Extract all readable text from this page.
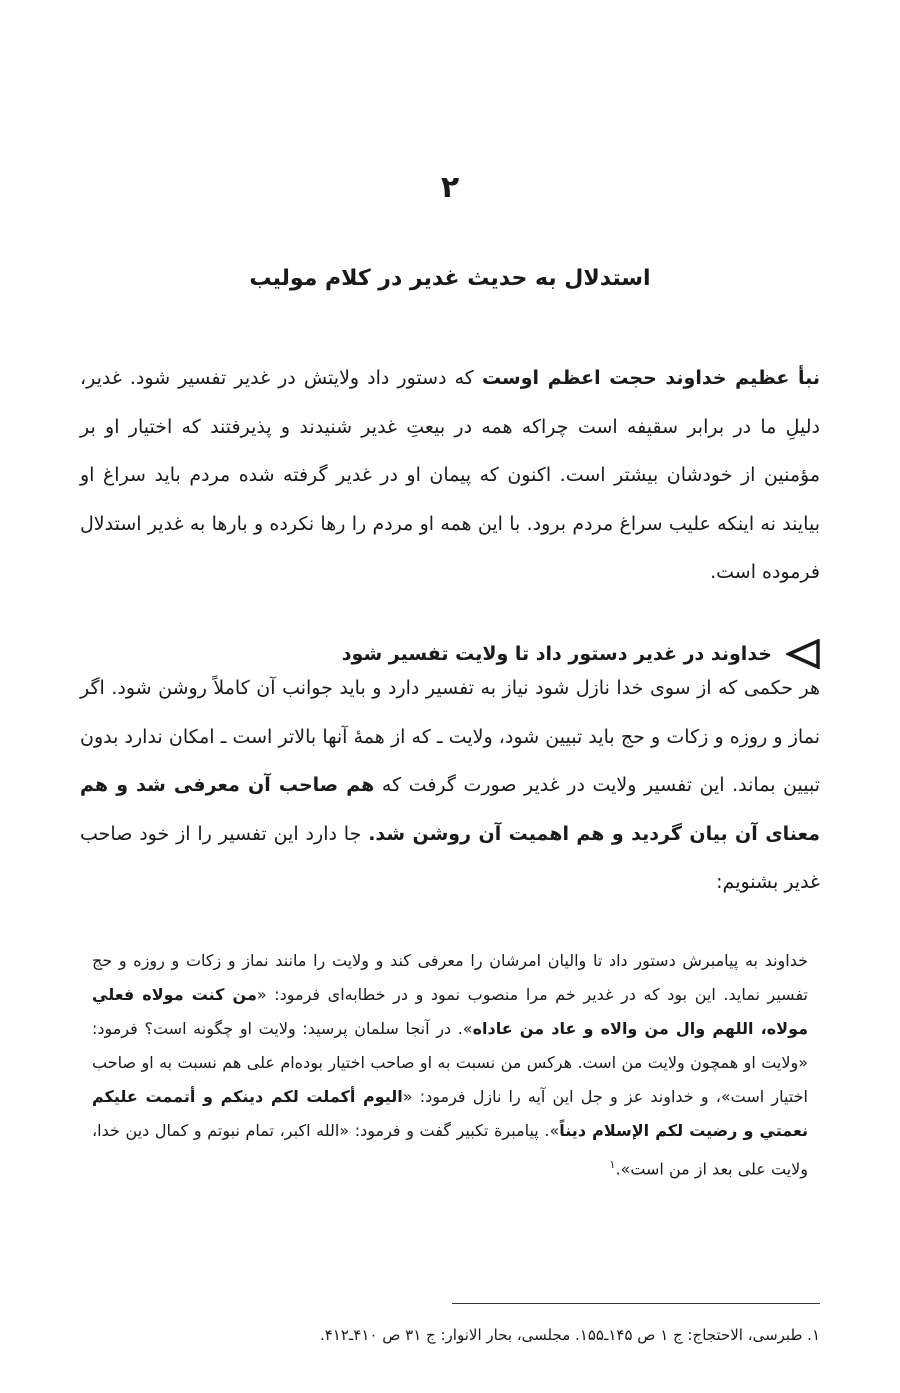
۲
استدلال به حدیث غدیر در کلام مولیب

نبأ عظیم خداوند حجت اعظم اوست که دستور داد ولایتش در غدیر تفسیر شود. غدیر، دلیلِ ما در برابر سقیفه است چراکه همه در بیعتِ غدیر شنیدند و پذیرفتند که اختیار او بر مؤمنین از خودشان بیشتر است. اکنون که پیمان او در غدیر گرفته شده مردم باید سراغ او بیایند نه اینکه علیب سراغ مردم برود. با این همه او مردم را رها نکرده و بارها به غدیر استدلال فرموده است.

خداوند در غدیر دستور داد تا ولایت تفسیر شود

هر حکمی که از سوی خدا نازل شود نیاز به تفسیر دارد و باید جوانب آن کاملاً روشن شود. اگر نماز و روزه و زکات و حج باید تبیین شود، ولایت ـ که از همهٔ آنها بالاتر است ـ امکان ندارد بدون تبیین بماند. این تفسیر ولایت در غدیر صورت گرفت که هم صاحب آن معرفی شد و هم معنای آن بیان گردید و هم اهمیت آن روشن شد. جا دارد این تفسیر را از خود صاحب غدیر بشنویم:

خداوند به پیامبرش دستور داد تا والیان امرشان را معرفی کند و ولایت را مانند نماز و زکات و روزه و حج تفسیر نماید. این بود که در غدیر خم مرا منصوب نمود و در خطابه‌ای فرمود: «من كنت مولاه فعلي مولاه، اللهم وال من والاه و عاد من عاداه». در آنجا سلمان پرسید: ولایت او چگونه است؟ فرمود: «ولایت او همچون ولایت من است. هرکس من نسبت به او صاحب اختیار بوده‌ام علی هم نسبت به او صاحب اختیار است»، و خداوند عز و جل این آیه را نازل فرمود: «اليوم أكملت لكم دينكم و أتممت عليكم نعمتي و رضيت لكم الإسلام ديناً». پیامبرة تکبیر گفت و فرمود: «الله اکبر، تمام نبوتم و کمال دین خدا، ولایت علی بعد از من است».$^۱$

۱. طبرسی، الاحتجاج: ج ۱ ص ۱۴۵ـ۱۵۵. مجلسی، بحار الانوار: ج ۳۱ ص ۴۱۰ـ۴۱۲.
